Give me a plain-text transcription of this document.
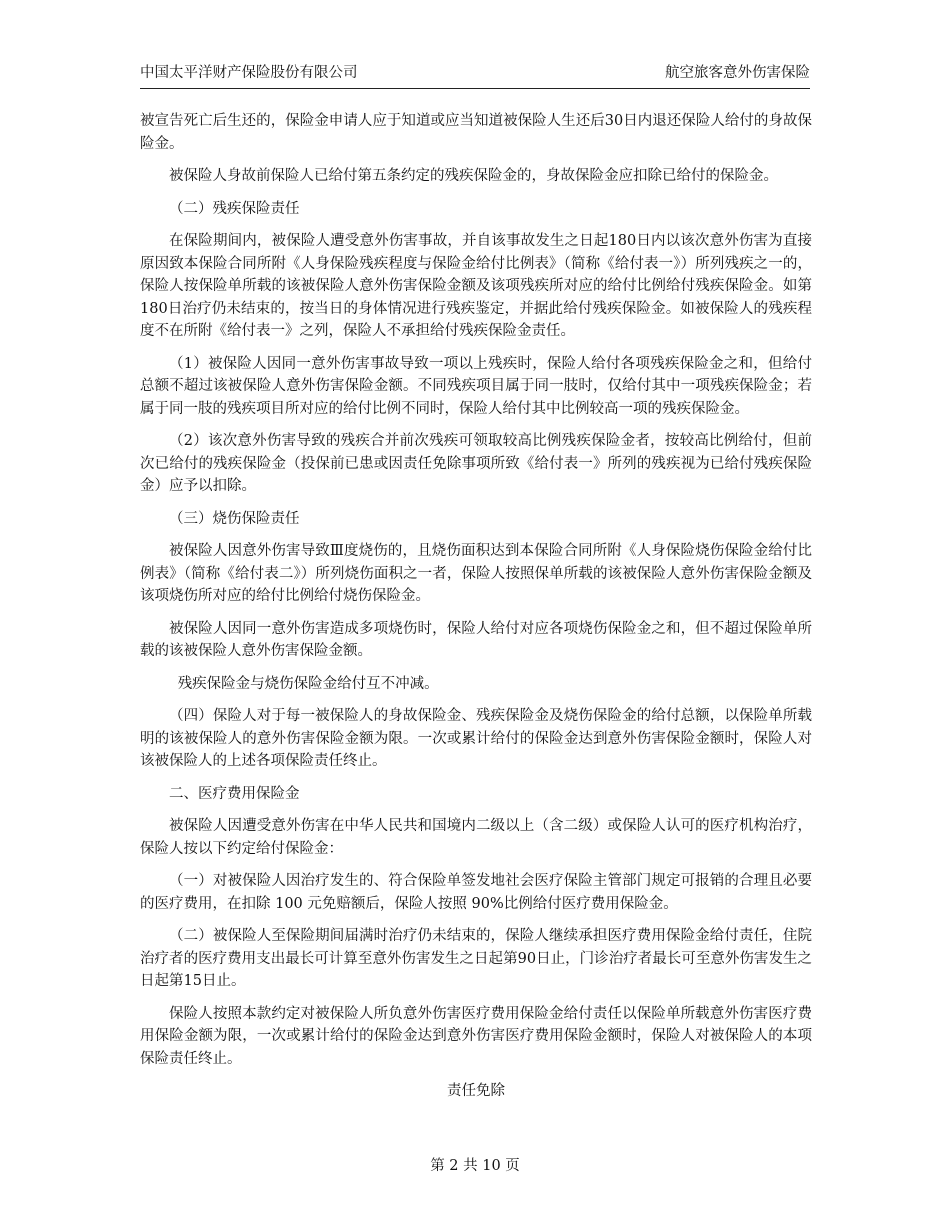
中国太平洋财产保险股份有限公司	航空旅客意外伤害保险

被宣告死亡后生还的，保险金申请人应于知道或应当知道被保险人生还后30日内退还保险人给付的身故保险金。

被保险人身故前保险人已给付第五条约定的残疾保险金的，身故保险金应扣除已给付的保险金。

（二）残疾保险责任

在保险期间内，被保险人遭受意外伤害事故，并自该事故发生之日起180日内以该次意外伤害为直接原因致本保险合同所附《人身保险残疾程度与保险金给付比例表》（简称《给付表一》）所列残疾之一的，保险人按保险单所载的该被保险人意外伤害保险金额及该项残疾所对应的给付比例给付残疾保险金。如第180日治疗仍未结束的，按当日的身体情况进行残疾鉴定，并据此给付残疾保险金。如被保险人的残疾程度不在所附《给付表一》之列，保险人不承担给付残疾保险金责任。

（1）被保险人因同一意外伤害事故导致一项以上残疾时，保险人给付各项残疾保险金之和，但给付总额不超过该被保险人意外伤害保险金额。不同残疾项目属于同一肢时，仅给付其中一项残疾保险金；若属于同一肢的残疾项目所对应的给付比例不同时，保险人给付其中比例较高一项的残疾保险金。

（2）该次意外伤害导致的残疾合并前次残疾可领取较高比例残疾保险金者，按较高比例给付，但前次已给付的残疾保险金（投保前已患或因责任免除事项所致《给付表一》所列的残疾视为已给付残疾保险金）应予以扣除。

（三）烧伤保险责任

被保险人因意外伤害导致Ⅲ度烧伤的，且烧伤面积达到本保险合同所附《人身保险烧伤保险金给付比例表》（简称《给付表二》）所列烧伤面积之一者，保险人按照保单所载的该被保险人意外伤害保险金额及该项烧伤所对应的给付比例给付烧伤保险金。

被保险人因同一意外伤害造成多项烧伤时，保险人给付对应各项烧伤保险金之和，但不超过保险单所载的该被保险人意外伤害保险金额。

残疾保险金与烧伤保险金给付互不冲减。

（四）保险人对于每一被保险人的身故保险金、残疾保险金及烧伤保险金的给付总额，以保险单所载明的该被保险人的意外伤害保险金额为限。一次或累计给付的保险金达到意外伤害保险金额时，保险人对该被保险人的上述各项保险责任终止。

二、医疗费用保险金

被保险人因遭受意外伤害在中华人民共和国境内二级以上（含二级）或保险人认可的医疗机构治疗，保险人按以下约定给付保险金：

（一）对被保险人因治疗发生的、符合保险单签发地社会医疗保险主管部门规定可报销的合理且必要的医疗费用，在扣除 100 元免赔额后，保险人按照 90%比例给付医疗费用保险金。

（二）被保险人至保险期间届满时治疗仍未结束的，保险人继续承担医疗费用保险金给付责任，住院治疗者的医疗费用支出最长可计算至意外伤害发生之日起第90日止，门诊治疗者最长可至意外伤害发生之日起第15日止。

保险人按照本款约定对被保险人所负意外伤害医疗费用保险金给付责任以保险单所载意外伤害医疗费用保险金额为限，一次或累计给付的保险金达到意外伤害医疗费用保险金额时，保险人对被保险人的本项保险责任终止。

责任免除

第 2 共 10 页
